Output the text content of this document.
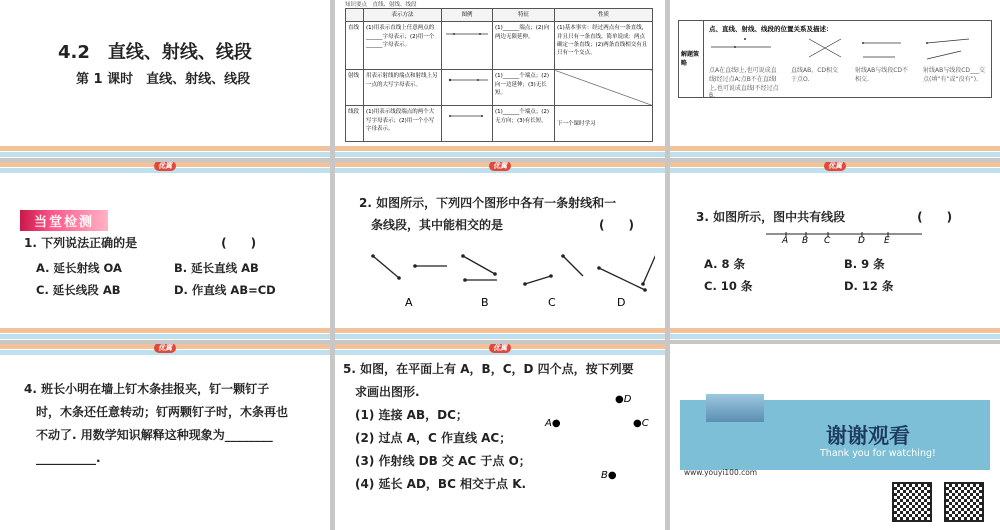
4.2　直线、射线、线段
第 1 课时　直线、射线、线段
知识要点　直线、射线、线段
	表示方法	图例	特征	性质
直线	(1)用表示直线上任意两点的______字母表示；(2)用一个______字母表示。		(1)______端点；(2)向两边无限延伸。	(1)基本事实：经过两点有一条直线，并且只有一条直线，简单说成：两点确定一条直线；(2)两条直线相交有且只有一个交点。
射线	用表示射线的端点和射线上另一点的大写字母表示。		(1)______个端点；(2)向一边延伸；(3)无长短。	
线段	(1)用表示线段端点的两个大写字母表示；(2)用一个小写字母表示。		(1)______个端点；(2)无方向；(3)有长短。	下一个课时学习
解题策略
点、直线、射线、线段的位置关系及描述：
点A在直线l上,也可说成直线l经过点A;点B不在直线l上,也可说成直线l不经过点B.
直线AB、CD相交于点O.
射线AB与线段CD不相交.
射线AB与线段CD___交点(填“有”或“没有”).
优翼
当堂检测
1. 下列说法正确的是　　　　　　　(　　)
A. 延长射线 OA	B. 延长直线 AB
C. 延长线段 AB	D. 作直线 AB=CD
优翼
2. 如图所示，下列四个图形中各有一条射线和一
条线段，其中能相交的是　　　　　　　　(　　)
A	B	C	D
优翼
3. 如图所示，图中共有线段　　　　　　(　　)
A B C	D E
A. 8 条	B. 9 条
C. 10 条	D. 12 条
优翼
4. 班长小明在墙上钉木条挂报夹，钉一颗钉子
时，木条还任意转动；钉两颗钉子时，木条再也
不动了. 用数学知识解释这种现象为________
__________.
优翼
5. 如图，在平面上有 A，B，C，D 四个点，按下列要
求画出图形.
(1) 连接 AB，DC；
(2) 过点 A，C 作直线 AC；
(3) 作射线 DB 交 AC 于点 O；
(4) 延长 AD，BC 相交于点 K.
A●
●D
●C
B●
谢谢观看
Thank you for watching!
www.youyi100.com
